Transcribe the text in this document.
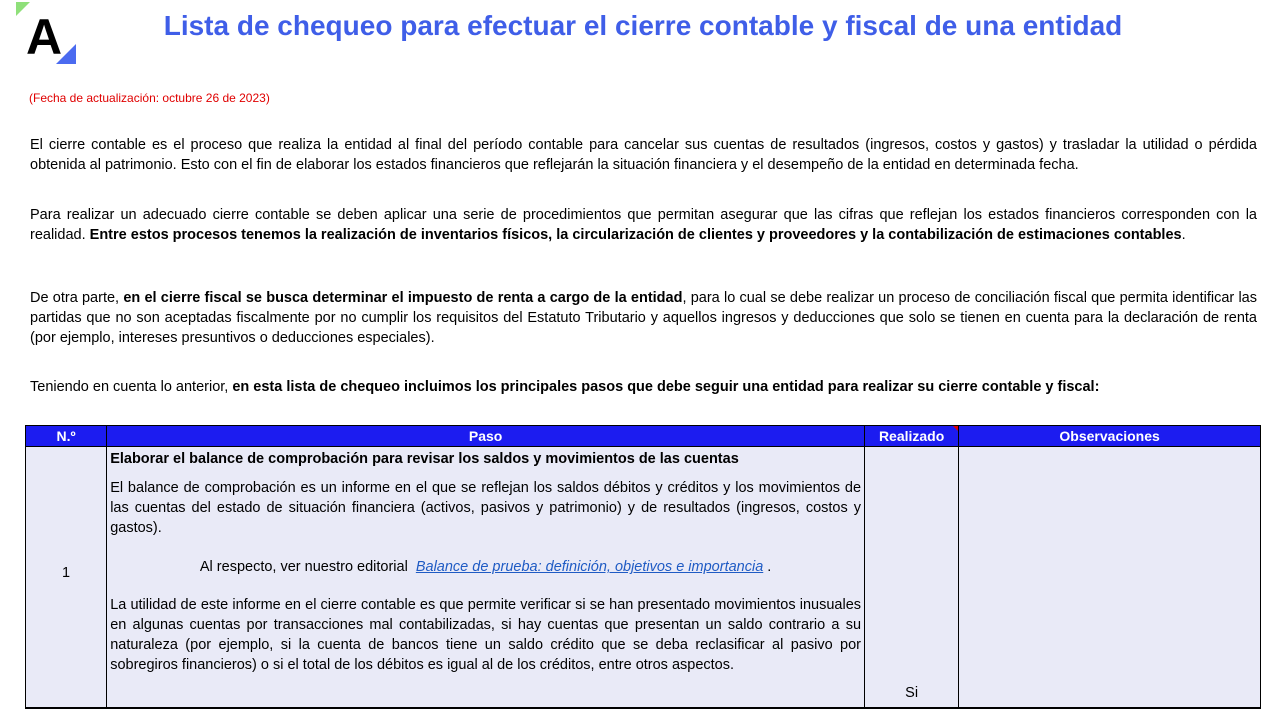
A	Lista de chequeo para efectuar el cierre contable y fiscal de una entidad
(Fecha de actualización: octubre 26 de 2023)
El cierre contable es el proceso que realiza la entidad al final del período contable para cancelar sus cuentas de resultados (ingresos, costos y gastos) y trasladar la utilidad o pérdida obtenida al patrimonio. Esto con el fin de elaborar los estados financieros que reflejarán la situación financiera y el desempeño de la entidad en determinada fecha.
Para realizar un adecuado cierre contable se deben aplicar una serie de procedimientos que permitan asegurar que las cifras que reflejan los estados financieros corresponden con la realidad. Entre estos procesos tenemos la realización de inventarios físicos, la circularización de clientes y proveedores y la contabilización de estimaciones contables.
De otra parte, en el cierre fiscal se busca determinar el impuesto de renta a cargo de la entidad, para lo cual se debe realizar un proceso de conciliación fiscal que permita identificar las partidas que no son aceptadas fiscalmente por no cumplir los requisitos del Estatuto Tributario y aquellos ingresos y deducciones que solo se tienen en cuenta para la declaración de renta (por ejemplo, intereses presuntivos o deducciones especiales).
Teniendo en cuenta lo anterior, en esta lista de chequeo incluimos los principales pasos que debe seguir una entidad para realizar su cierre contable y fiscal:
N.º	Paso	Realizado	Observaciones

1	Elaborar el balance de comprobación para revisar los saldos y movimientos de las cuentas
El balance de comprobación es un informe en el que se reflejan los saldos débitos y créditos y los movimientos de las cuentas del estado de situación financiera (activos, pasivos y patrimonio) y de resultados (ingresos, costos y gastos).
Al respecto, ver nuestro editorial Balance de prueba: definición, objetivos e importancia .
La utilidad de este informe en el cierre contable es que permite verificar si se han presentado movimientos inusuales en algunas cuentas por transacciones mal contabilizadas, si hay cuentas que presentan un saldo contrario a su naturaleza (por ejemplo, si la cuenta de bancos tiene un saldo crédito que se deba reclasificar al pasivo por sobregiros financieros) o si el total de los débitos es igual al de los créditos, entre otros aspectos.	Si	
